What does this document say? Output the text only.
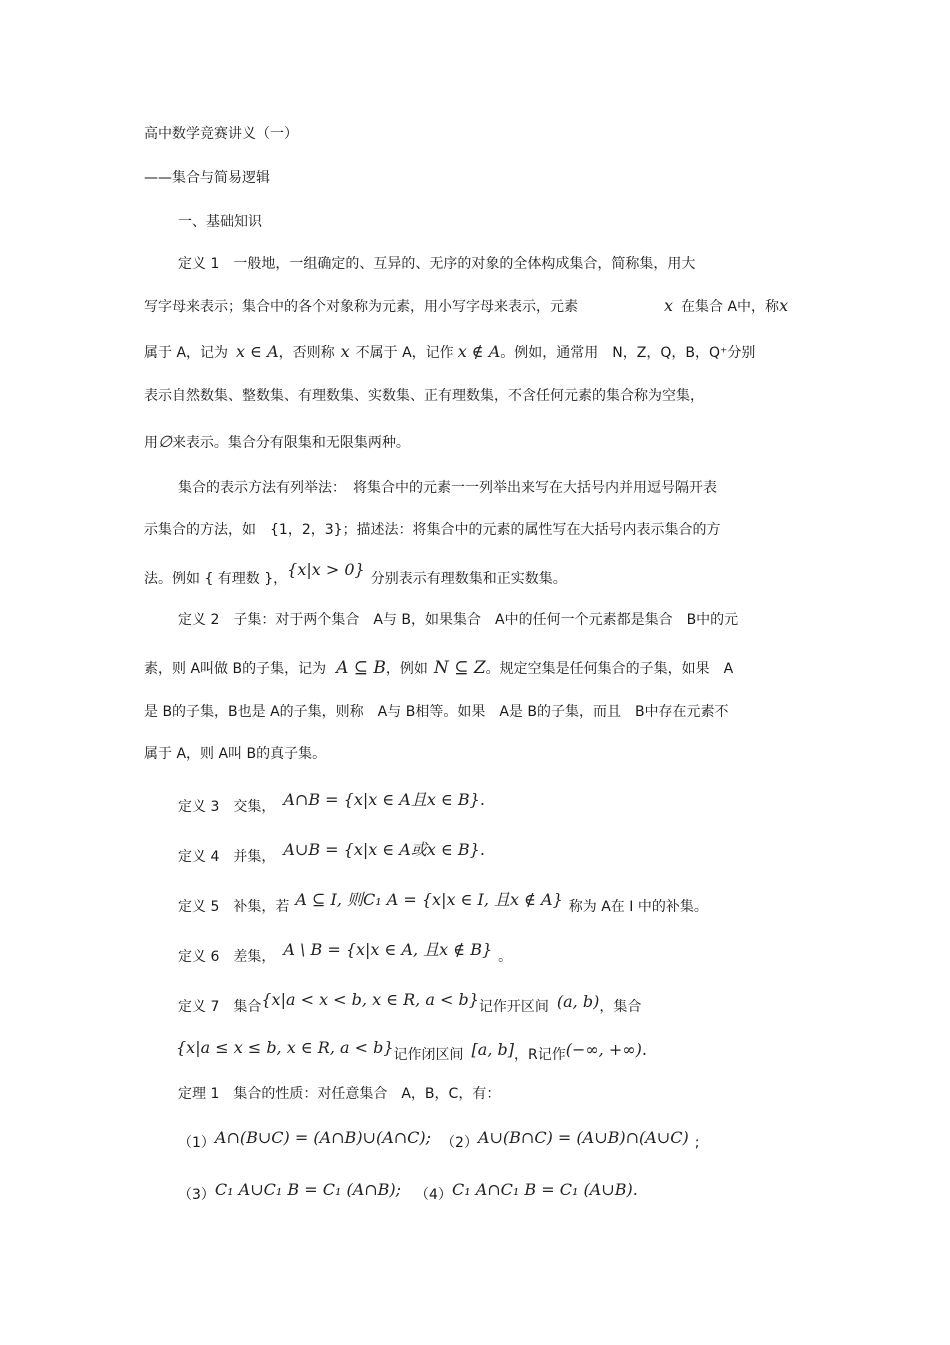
高中数学竞赛讲义（一）
——集合与简易逻辑
一、基础知识
定义 1　一般地，一组确定的、互异的、无序的对象的全体构成集合，简称集，用大
写字母来表示；集合中的各个对象称为元素，用小写字母来表示，元素	x 在集合 A中，称x
属于 A，记为 x ∈ A，否则称 x 不属于 A，记作 x ∉ A。例如，通常用　N，Z，Q，B，Q⁺分别
表示自然数集、整数集、有理数集、实数集、正有理数集，不含任何元素的集合称为空集，
用∅来表示。集合分有限集和无限集两种。
集合的表示方法有列举法：　将集合中的元素一一列举出来写在大括号内并用逗号隔开表
示集合的方法，如　{1，2，3}；描述法：将集合中的元素的属性写在大括号内表示集合的方
法。例如 { 有理数 }，{x|x > 0} 分别表示有理数集和正实数集。
定义 2　子集：对于两个集合　A与 B，如果集合　A中的任何一个元素都是集合　B中的元
素，则 A叫做 B的子集，记为 A ⊆ B，例如 N ⊆ Z。规定空集是任何集合的子集，如果　A
是 B的子集，B也是 A的子集，则称　A与 B相等。如果　A是 B的子集，而且　B中存在元素不
属于 A，则 A叫 B的真子集。
定义 3　交集， A∩B = {x|x ∈ A且x ∈ B}.
定义 4　并集， A∪B = {x|x ∈ A或x ∈ B}.
定义 5　补集，若 A ⊆ I, 则C₁ A = {x|x ∈ I, 且x ∉ A} 称为 A在 I 中的补集。
定义 6　差集， A \ B = {x|x ∈ A, 且x ∉ B} 。
定义 7　集合{x|a < x < b, x ∈ R, a < b}记作开区间 (a, b)，集合
{x|a ≤ x ≤ b, x ∈ R, a < b}记作闭区间 [a, b]，R记作(−∞, +∞).
定理 1　集合的性质：对任意集合　A，B，C，有：
（1）A∩(B∪C) = (A∩B)∪(A∩C); （2）A∪(B∩C) = (A∪B)∩(A∪C) ;
（3）C₁ A∪C₁ B = C₁ (A∩B); （4）C₁ A∩C₁ B = C₁ (A∪B).
